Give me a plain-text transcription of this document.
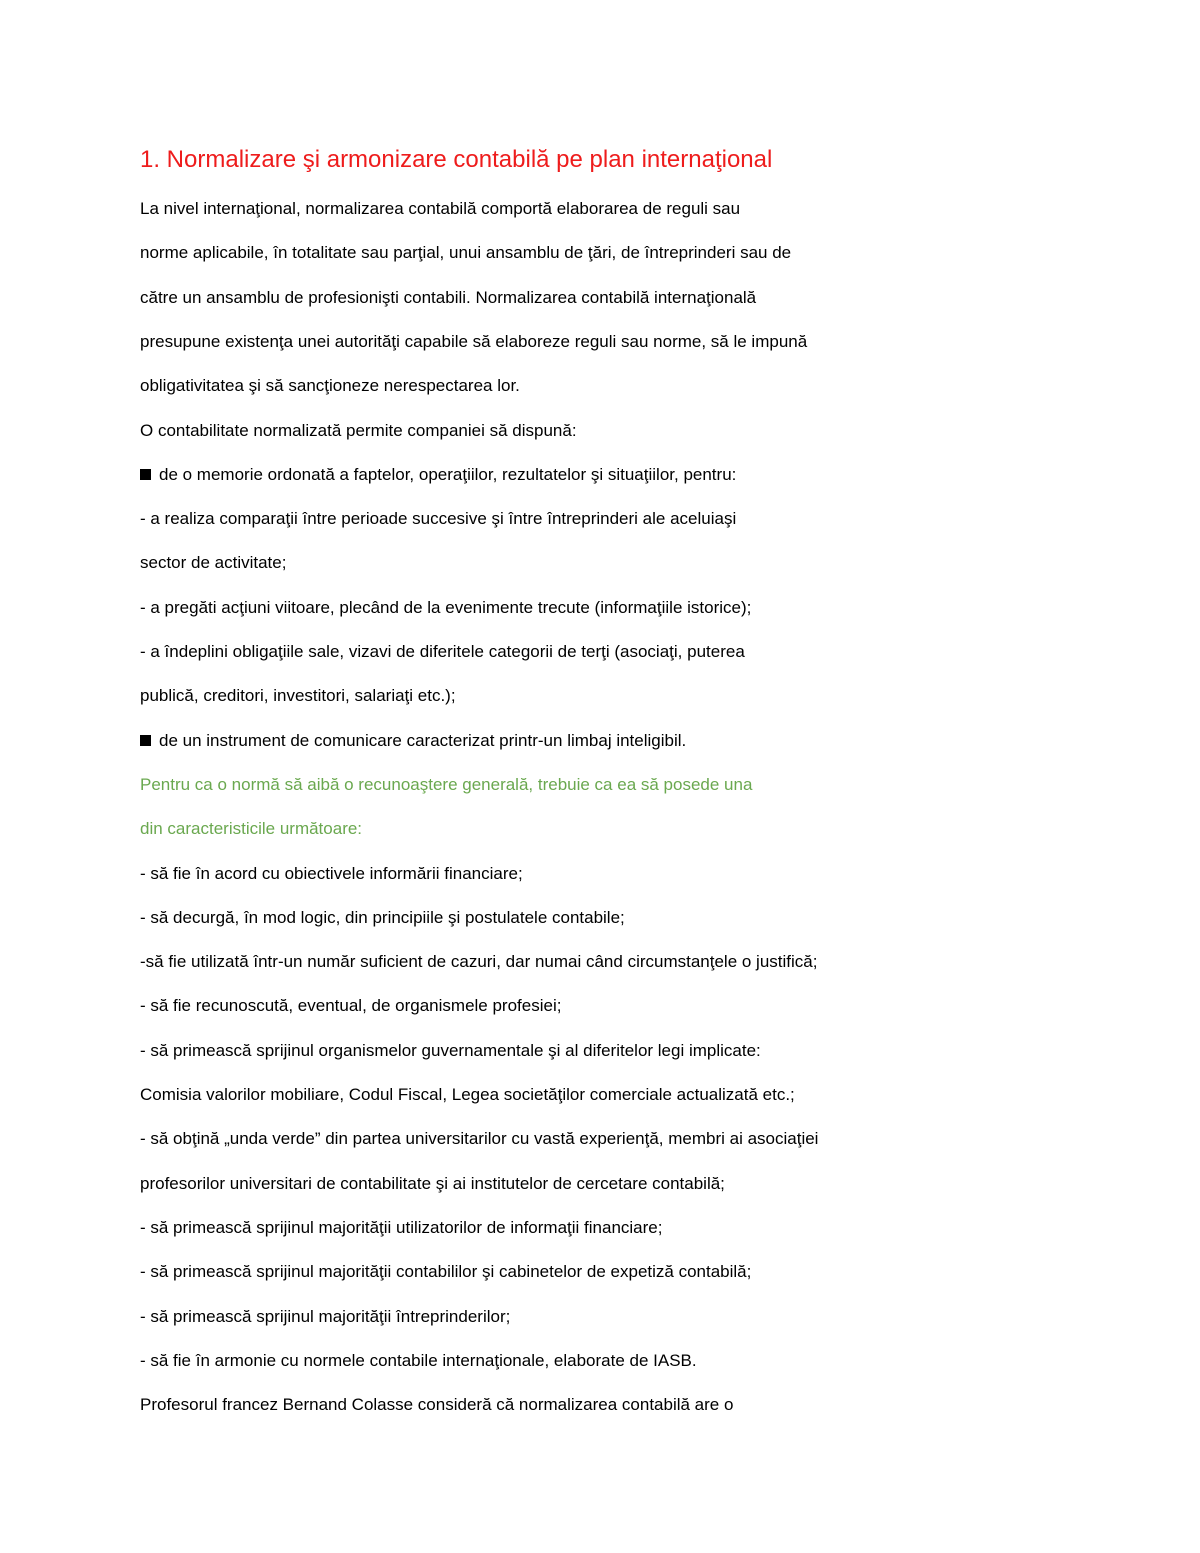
1. Normalizare şi armonizare contabilă pe plan internaţional

La nivel internaţional, normalizarea contabilă comportă elaborarea de reguli sau

norme aplicabile, în totalitate sau parţial, unui ansamblu de ţări, de întreprinderi sau de

către un ansamblu de profesionişti contabili. Normalizarea contabilă internaţională

presupune existenţa unei autorităţi capabile să elaboreze reguli sau norme, să le impună

obligativitatea şi să sancţioneze nerespectarea lor.

O contabilitate normalizată permite companiei să dispună:

de o memorie ordonată a faptelor, operaţiilor, rezultatelor şi situaţiilor, pentru:

- a realiza comparaţii între perioade succesive şi între întreprinderi ale aceluiaşi

sector de activitate;

- a pregăti acţiuni viitoare, plecând de la evenimente trecute (informaţiile istorice);

- a îndeplini obligaţiile sale, vizavi de diferitele categorii de terţi (asociaţi, puterea

publică, creditori, investitori, salariaţi etc.);

de un instrument de comunicare caracterizat printr-un limbaj inteligibil.

Pentru ca o normă să aibă o recunoaştere generală, trebuie ca ea să posede una

din caracteristicile următoare:

- să fie în acord cu obiectivele informării financiare;

- să decurgă, în mod logic, din principiile şi postulatele contabile;

-să fie utilizată într-un număr suficient de cazuri, dar numai când circumstanţele o justifică;

- să fie recunoscută, eventual, de organismele profesiei;

- să primească sprijinul organismelor guvernamentale şi al diferitelor legi implicate:

Comisia valorilor mobiliare, Codul Fiscal, Legea societăţilor comerciale actualizată etc.;

- să obţină „unda verde” din partea universitarilor cu vastă experienţă, membri ai asociaţiei

profesorilor universitari de contabilitate şi ai institutelor de cercetare contabilă;

- să primească sprijinul majorităţii utilizatorilor de informaţii financiare;

- să primească sprijinul majorităţii contabililor şi cabinetelor de expetiză contabilă;

- să primească sprijinul majorităţii întreprinderilor;

- să fie în armonie cu normele contabile internaţionale, elaborate de IASB.

Profesorul francez Bernand Colasse consideră că normalizarea contabilă are o
